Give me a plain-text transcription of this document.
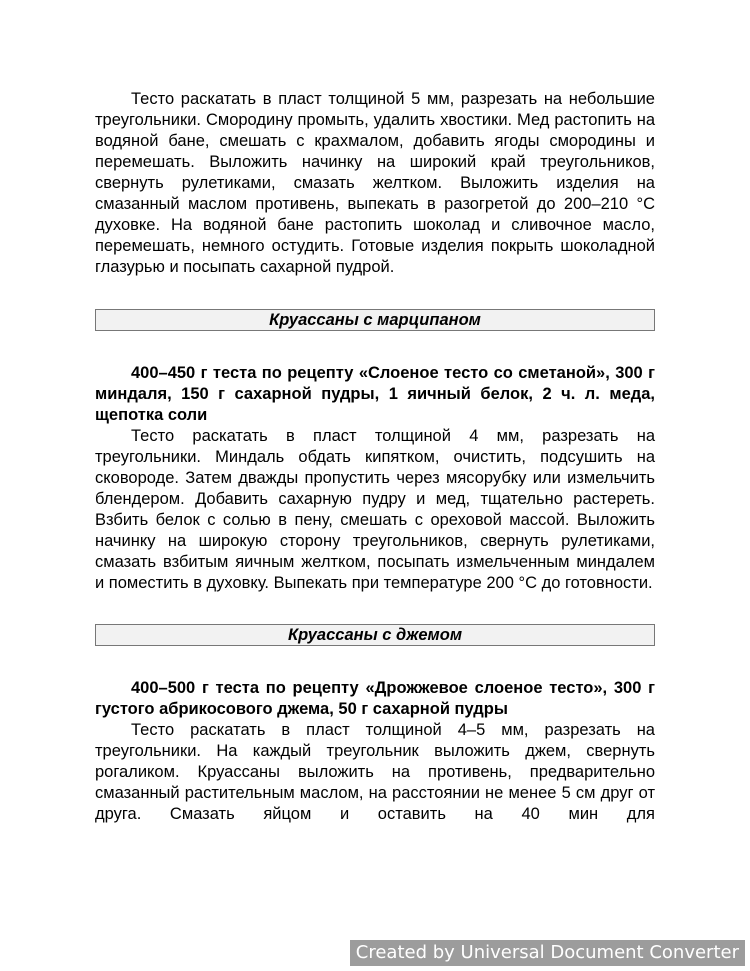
Тесто раскатать в пласт толщиной 5 мм, разрезать на небольшие треугольники. Смородину промыть, удалить хвостики. Мед растопить на водяной бане, смешать с крахмалом, добавить ягоды смородины и перемешать. Выложить начинку на широкий край треугольников, свернуть рулетиками, смазать желтком. Выложить изделия на смазанный маслом противень, выпекать в разогретой до 200–210 °С духовке. На водяной бане растопить шоколад и сливочное масло, перемешать, немного остудить. Готовые изделия покрыть шоколадной глазурью и посыпать сахарной пудрой.

Круассаны с марципаном

400–450 г теста по рецепту «Слоеное тесто со сметаной», 300 г миндаля, 150 г сахарной пудры, 1 яичный белок, 2 ч. л. меда, щепотка соли

Тесто раскатать в пласт толщиной 4 мм, разрезать на треугольники. Миндаль обдать кипятком, очистить, подсушить на сковороде. Затем дважды пропустить через мясорубку или измельчить блендером. Добавить сахарную пудру и мед, тщательно растереть. Взбить белок с солью в пену, смешать с ореховой массой. Выложить начинку на широкую сторону треугольников, свернуть рулетиками, смазать взбитым яичным желтком, посыпать измельченным миндалем и поместить в духовку. Выпекать при температуре 200 °С до готовности.

Круассаны с джемом

400–500 г теста по рецепту «Дрожжевое слоеное тесто», 300 г густого абрикосового джема, 50 г сахарной пудры

Тесто раскатать в пласт толщиной 4–5 мм, разрезать на треугольники. На каждый треугольник выложить джем, свернуть рогаликом. Круассаны выложить на противень, предварительно смазанный растительным маслом, на расстоянии не менее 5 см друг от друга. Смазать яйцом и оставить на 40 мин для

Created by Universal Document Converter
